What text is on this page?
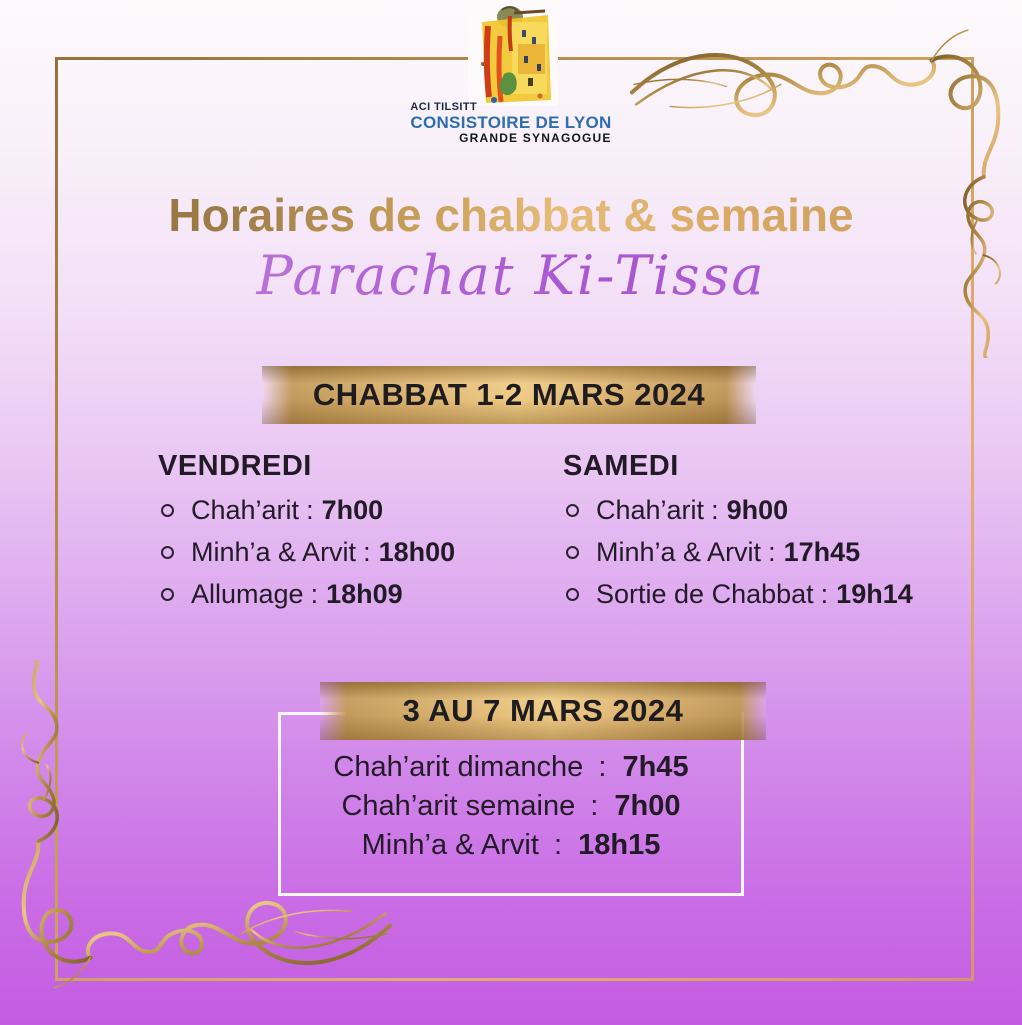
ACI TILSITT
CONSISTOIRE DE LYON
GRANDE SYNAGOGUE
Horaires de chabbat & semaine
Parachat Ki-Tissa
CHABBAT 1-2 MARS 2024
VENDREDI
Chah’arit : 7h00
Minh’a & Arvit : 18h00
Allumage : 18h09
SAMEDI
Chah’arit : 9h00
Minh’a & Arvit : 17h45
Sortie de Chabbat : 19h14
3 AU 7 MARS 2024
Chah’arit dimanche : 7h45
Chah’arit semaine : 7h00
Minh’a & Arvit : 18h15
